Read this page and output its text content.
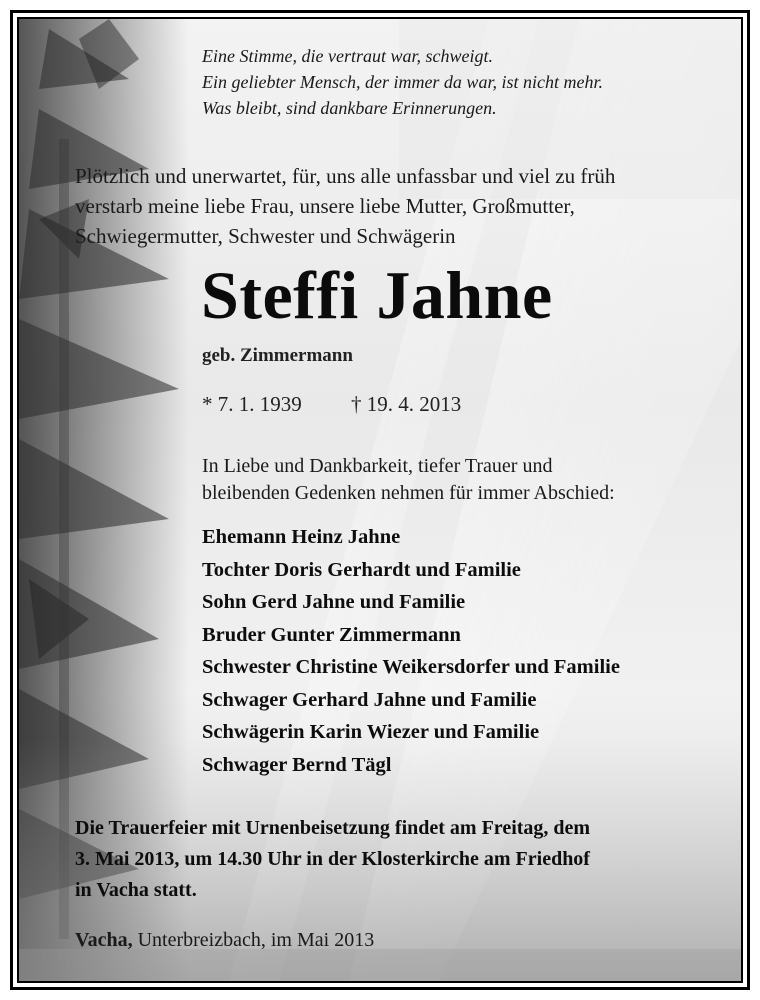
Eine Stimme, die vertraut war, schweigt.
Ein geliebter Mensch, der immer da war, ist nicht mehr.
Was bleibt, sind dankbare Erinnerungen.
Plötzlich und unerwartet, für, uns alle unfassbar und viel zu früh
verstarb meine liebe Frau, unsere liebe Mutter, Großmutter,
Schwiegermutter, Schwester und Schwägerin
Steffi Jahne
geb. Zimmermann
* 7. 1. 1939 † 19. 4. 2013
In Liebe und Dankbarkeit, tiefer Trauer und
bleibenden Gedenken nehmen für immer Abschied:
Ehemann Heinz Jahne
Tochter Doris Gerhardt und Familie
Sohn Gerd Jahne und Familie
Bruder Gunter Zimmermann
Schwester Christine Weikersdorfer und Familie
Schwager Gerhard Jahne und Familie
Schwägerin Karin Wiezer und Familie
Schwager Bernd Tägl
Die Trauerfeier mit Urnenbeisetzung findet am Freitag, dem
3. Mai 2013, um 14.30 Uhr in der Klosterkirche am Friedhof
in Vacha statt.
Vacha, Unterbreizbach, im Mai 2013
